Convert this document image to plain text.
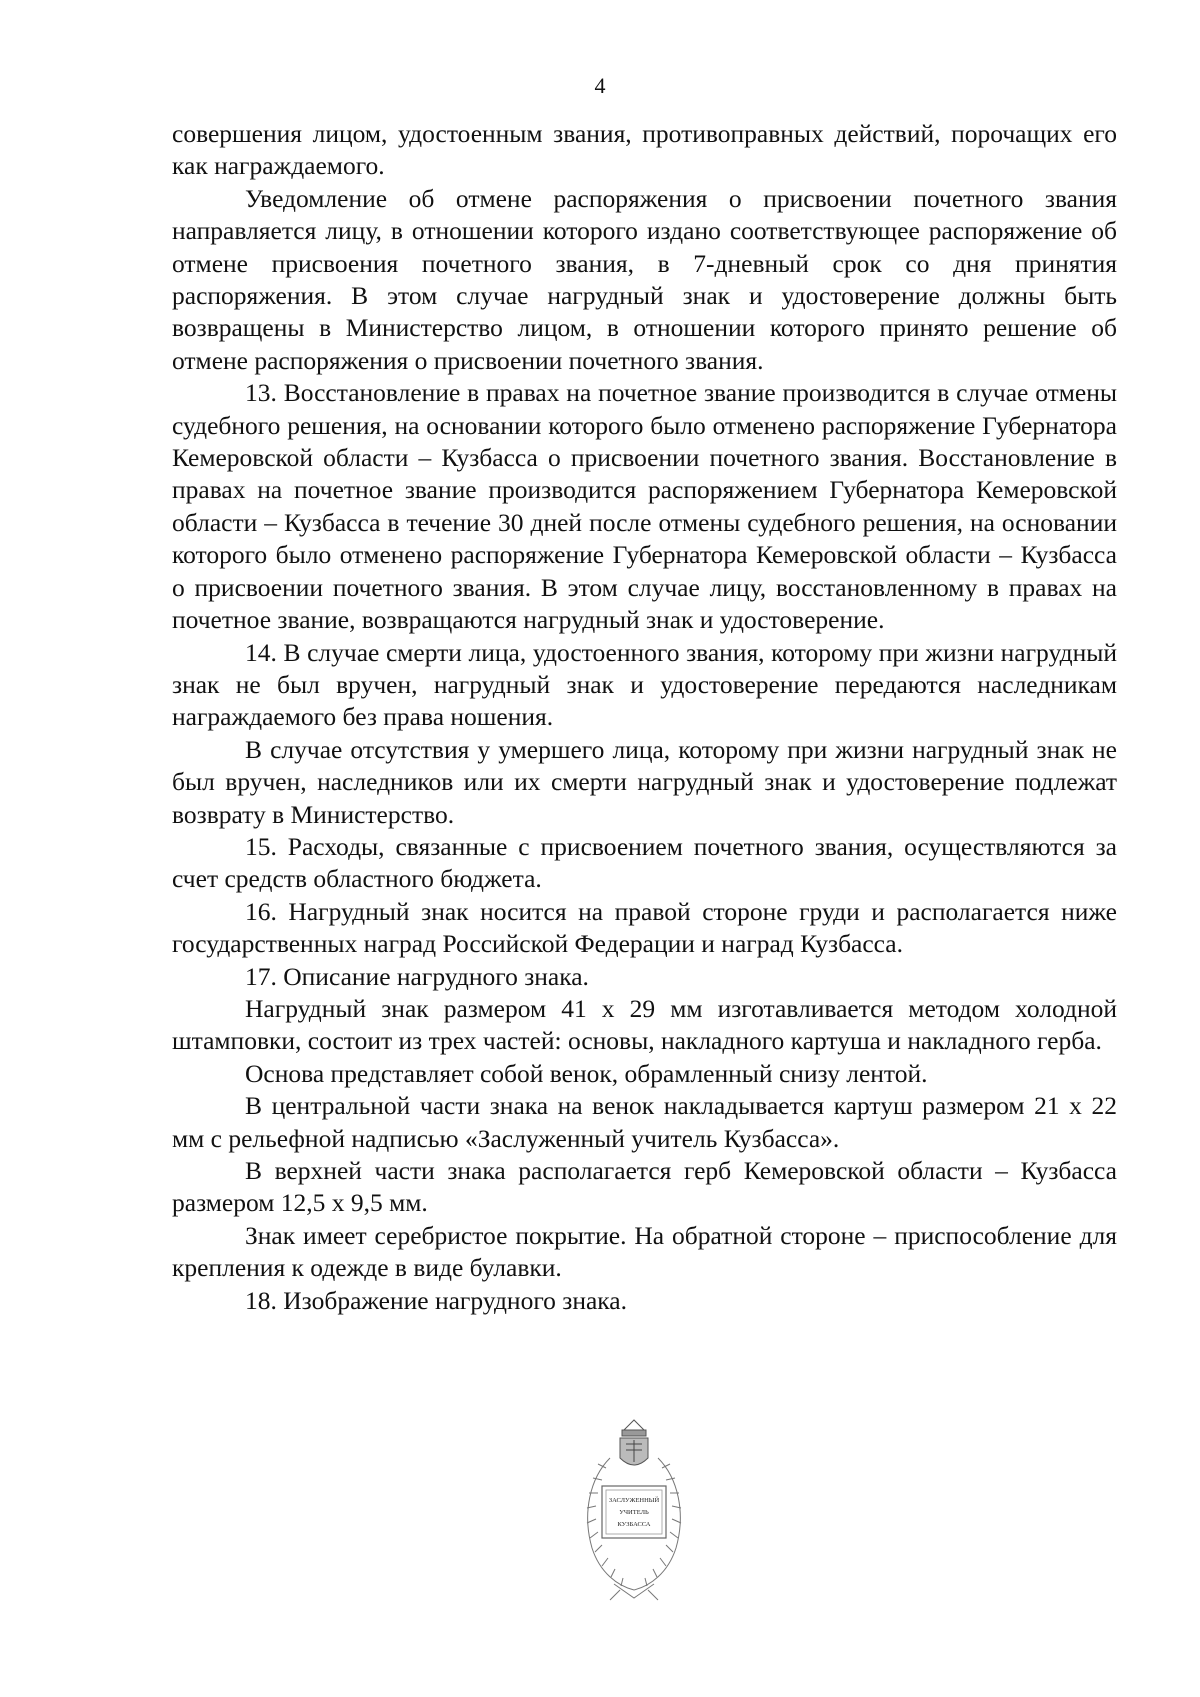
4

совершения лицом, удостоенным звания, противоправных действий, порочащих его как награждаемого.

Уведомление об отмене распоряжения о присвоении почетного звания направляется лицу, в отношении которого издано соответствующее распоряжение об отмене присвоения почетного звания, в 7-дневный срок со дня принятия распоряжения. В этом случае нагрудный знак и удостоверение должны быть возвращены в Министерство лицом, в отношении которого принято решение об отмене распоряжения о присвоении почетного звания.

13. Восстановление в правах на почетное звание производится в случае отмены судебного решения, на основании которого было отменено распоряжение Губернатора Кемеровской области – Кузбасса о присвоении почетного звания. Восстановление в правах на почетное звание производится распоряжением Губернатора Кемеровской области – Кузбасса в течение 30 дней после отмены судебного решения, на основании которого было отменено распоряжение Губернатора Кемеровской области – Кузбасса о присвоении почетного звания. В этом случае лицу, восстановленному в правах на почетное звание, возвращаются нагрудный знак и удостоверение.

14. В случае смерти лица, удостоенного звания, которому при жизни нагрудный знак не был вручен, нагрудный знак и удостоверение передаются наследникам награждаемого без права ношения.

В случае отсутствия у умершего лица, которому при жизни нагрудный знак не был вручен, наследников или их смерти нагрудный знак и удостоверение подлежат возврату в Министерство.

15. Расходы, связанные с присвоением почетного звания, осуществляются за счет средств областного бюджета.

16. Нагрудный знак носится на правой стороне груди и располагается ниже государственных наград Российской Федерации и наград Кузбасса.

17. Описание нагрудного знака.

Нагрудный знак размером 41 х 29 мм изготавливается методом холодной штамповки, состоит из трех частей: основы, накладного картуша и накладного герба.

Основа представляет собой венок, обрамленный снизу лентой.

В центральной части знака на венок накладывается картуш размером 21 х 22 мм с рельефной надписью «Заслуженный учитель Кузбасса».

В верхней части знака располагается герб Кемеровской области – Кузбасса размером 12,5 х 9,5 мм.

Знак имеет серебристое покрытие. На обратной стороне – приспособление для крепления к одежде в виде булавки.

18. Изображение нагрудного знака.

ЗАСЛУЖЕННЫЙ
УЧИТЕЛЬ
КУЗБАССА
